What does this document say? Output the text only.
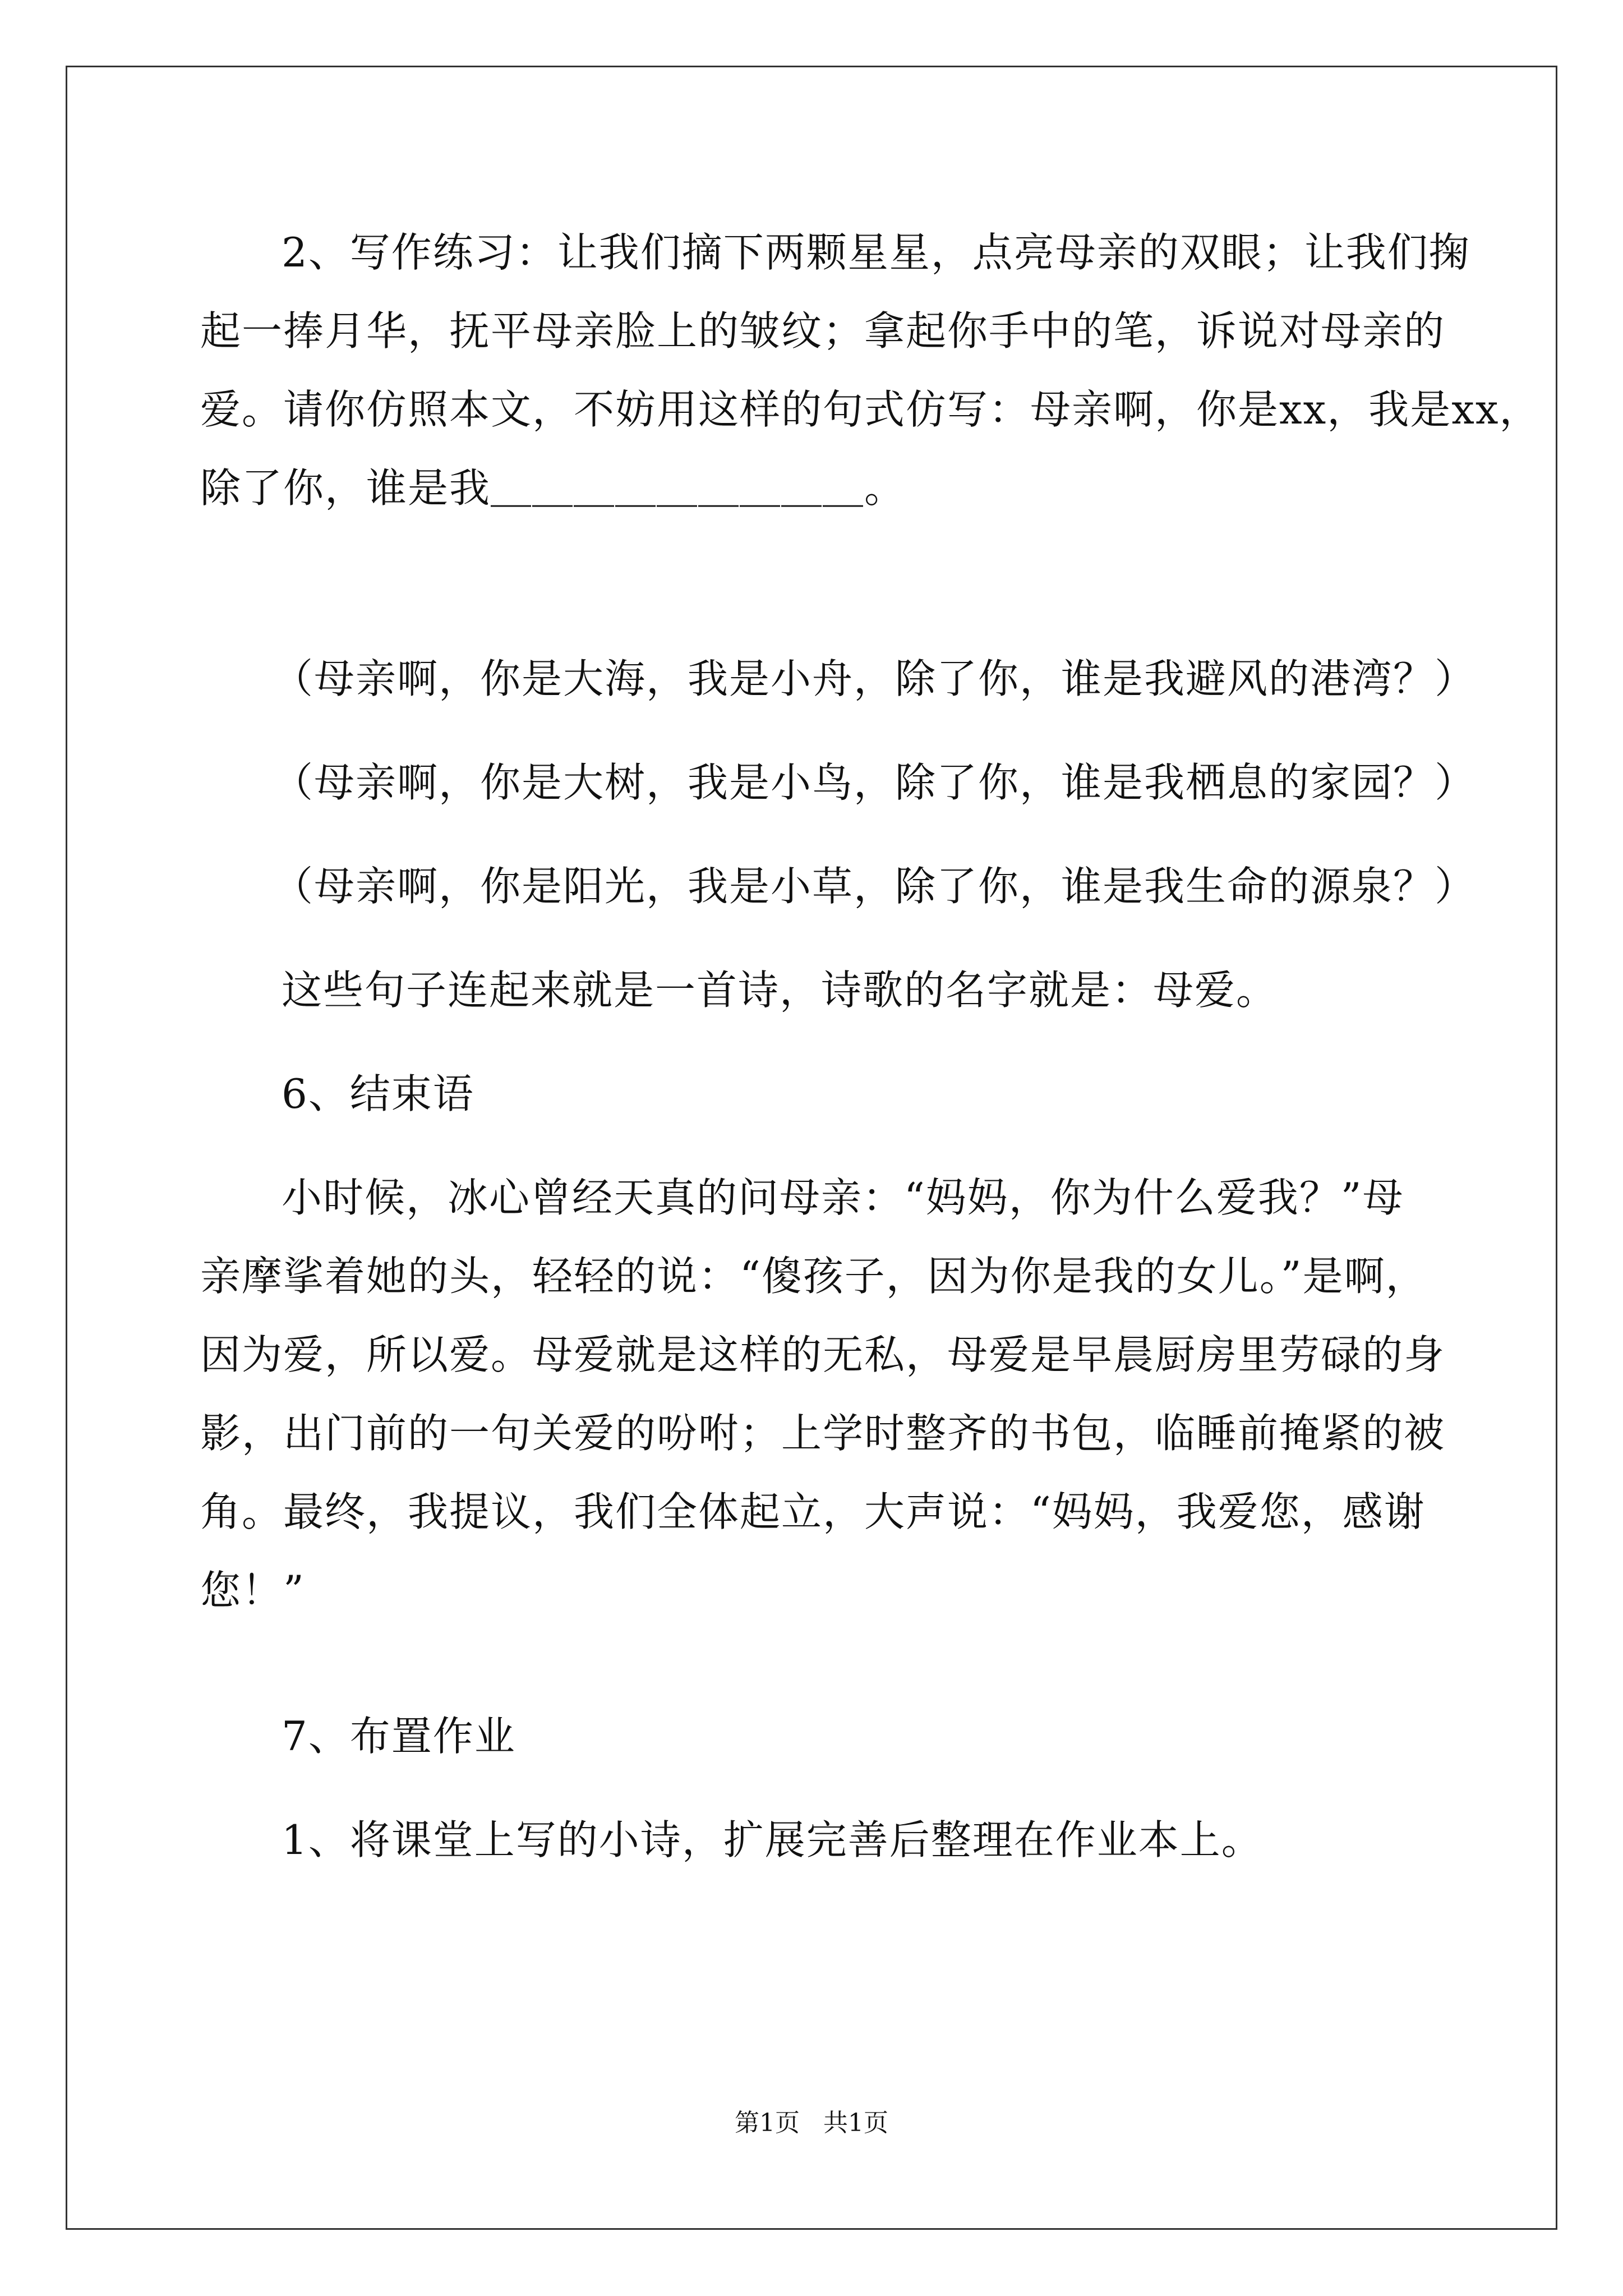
2、写作练习：让我们摘下两颗星星，点亮母亲的双眼；让我们掬
起一捧月华，抚平母亲脸上的皱纹；拿起你手中的笔，诉说对母亲的
爱。请你仿照本文，不妨用这样的句式仿写：母亲啊，你是xx，我是xx，
除了你，谁是我＿＿＿＿＿＿＿＿＿。
（母亲啊，你是大海，我是小舟，除了你，谁是我避风的港湾？）
（母亲啊，你是大树，我是小鸟，除了你，谁是我栖息的家园？）
（母亲啊，你是阳光，我是小草，除了你，谁是我生命的源泉？）
这些句子连起来就是一首诗，诗歌的名字就是：母爱。
6、结束语
小时候，冰心曾经天真的问母亲：“妈妈，你为什么爱我？”母
亲摩挲着她的头，轻轻的说：“傻孩子，因为你是我的女儿。”是啊，
因为爱，所以爱。母爱就是这样的无私，母爱是早晨厨房里劳碌的身
影，出门前的一句关爱的吩咐；上学时整齐的书包，临睡前掩紧的被
角。最终，我提议，我们全体起立，大声说：“妈妈，我爱您，感谢
您！”
7、布置作业
1、将课堂上写的小诗，扩展完善后整理在作业本上。
第1页   共1页
